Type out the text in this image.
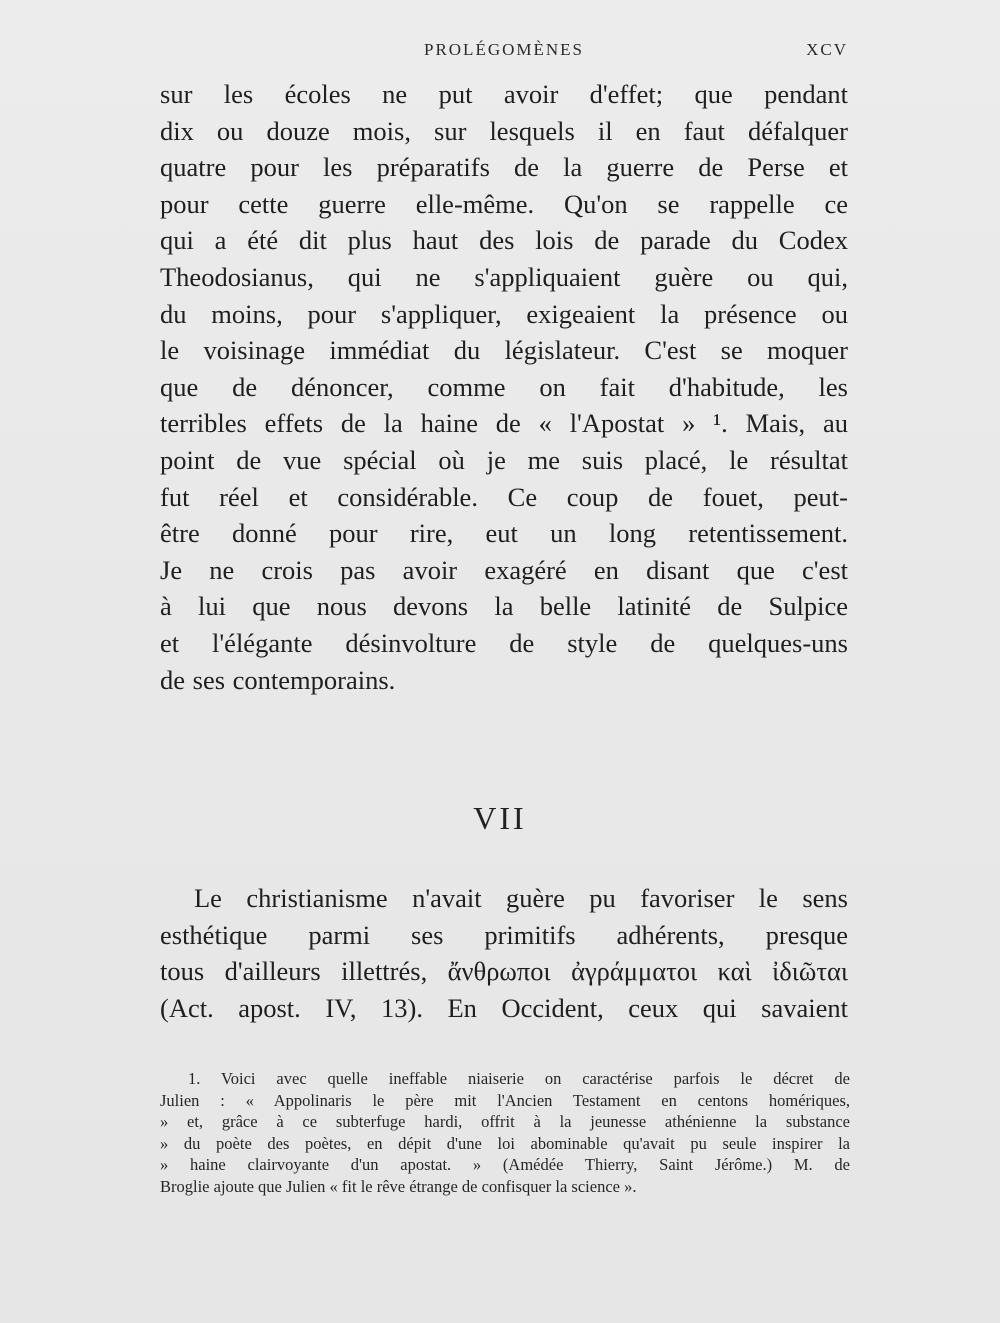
PROLÉGOMÈNES	XCV
sur les écoles ne put avoir d'effet; que pendant
dix ou douze mois, sur lesquels il en faut défalquer
quatre pour les préparatifs de la guerre de Perse et
pour cette guerre elle-même. Qu'on se rappelle ce
qui a été dit plus haut des lois de parade du Codex
Theodosianus, qui ne s'appliquaient guère ou qui,
du moins, pour s'appliquer, exigeaient la présence ou
le voisinage immédiat du législateur. C'est se moquer
que de dénoncer, comme on fait d'habitude, les
terribles effets de la haine de « l'Apostat » ¹. Mais, au
point de vue spécial où je me suis placé, le résultat
fut réel et considérable. Ce coup de fouet, peut-
être donné pour rire, eut un long retentissement.
Je ne crois pas avoir exagéré en disant que c'est
à lui que nous devons la belle latinité de Sulpice
et l'élégante désinvolture de style de quelques-uns
de ses contemporains.
VII
Le christianisme n'avait guère pu favoriser le sens
esthétique parmi ses primitifs adhérents, presque
tous d'ailleurs illettrés, ἄνθρωποι ἀγράμματοι καὶ ἰδιῶται
(Act. apost. IV, 13). En Occident, ceux qui savaient
1. Voici avec quelle ineffable niaiserie on caractérise parfois le décret de
Julien : « Appolinaris le père mit l'Ancien Testament en centons homériques,
» et, grâce à ce subterfuge hardi, offrit à la jeunesse athénienne la substance
» du poète des poètes, en dépit d'une loi abominable qu'avait pu seule inspirer la
» haine clairvoyante d'un apostat. » (Amédée Thierry, Saint Jérôme.) M. de
Broglie ajoute que Julien « fit le rêve étrange de confisquer la science ».
